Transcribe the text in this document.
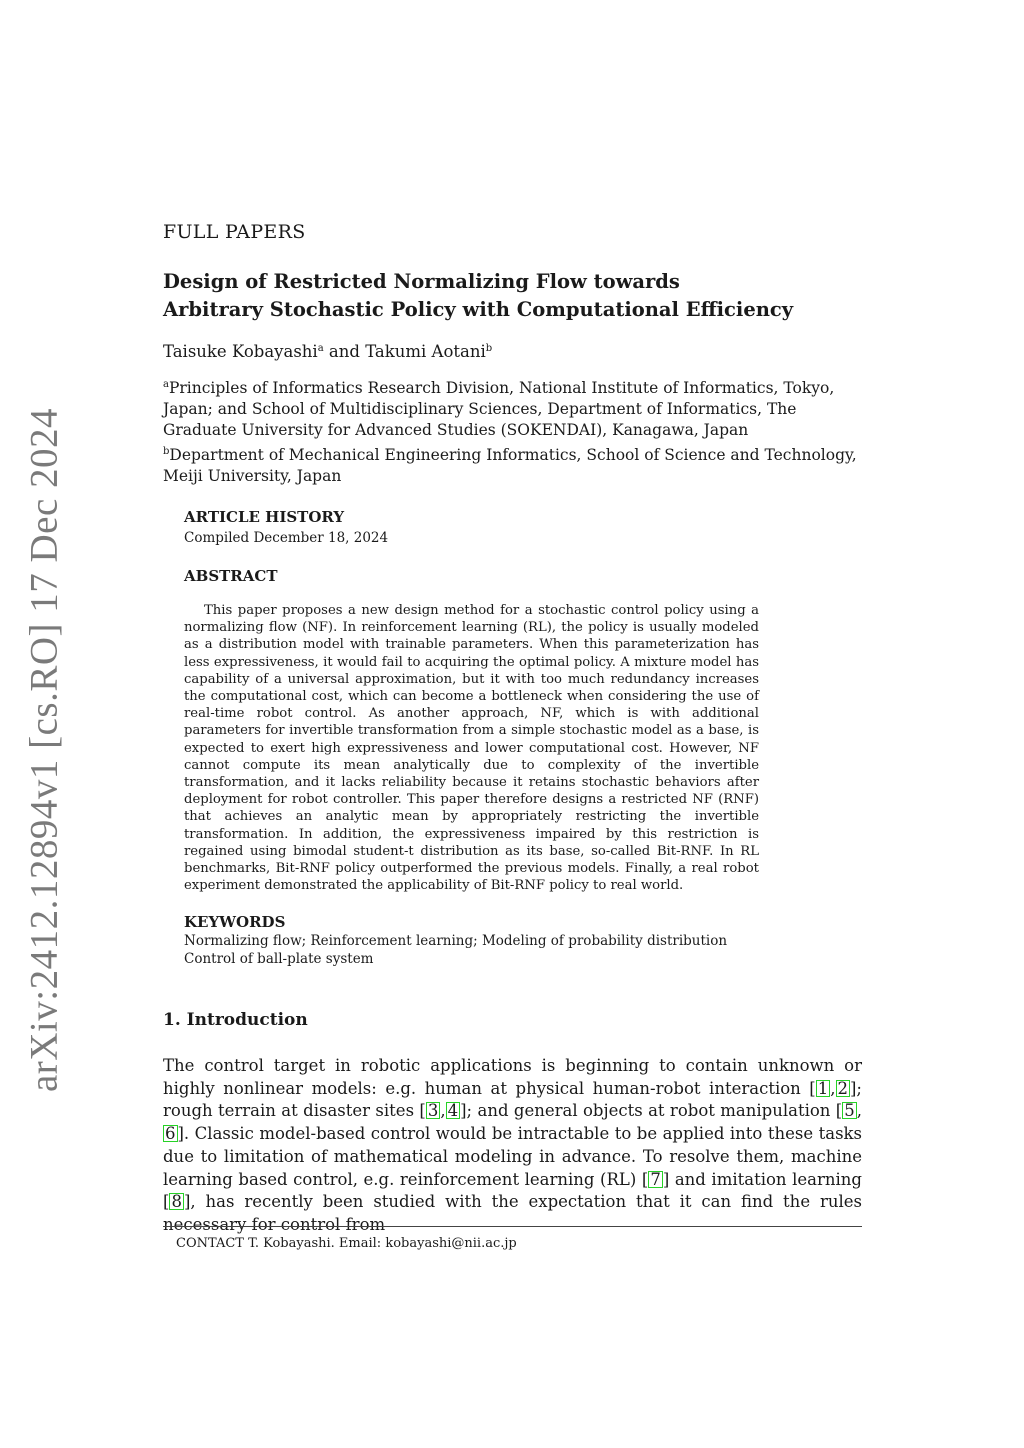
arXiv:2412.12894v1 [cs.RO] 17 Dec 2024
FULL PAPERS
Design of Restricted Normalizing Flow towards
Arbitrary Stochastic Policy with Computational Efficiency
Taisuke Kobayashi$^a$ and Takumi Aotani$^b$

$^a$Principles of Informatics Research Division, National Institute of Informatics, Tokyo, Japan; and School of Multidisciplinary Sciences, Department of Informatics, The Graduate University for Advanced Studies (SOKENDAI), Kanagawa, Japan

$^b$Department of Mechanical Engineering Informatics, School of Science and Technology, Meiji University, Japan

ARTICLE HISTORY
Compiled December 18, 2024
ABSTRACT

This paper proposes a new design method for a stochastic control policy using a normalizing flow (NF). In reinforcement learning (RL), the policy is usually modeled as a distribution model with trainable parameters. When this parameterization has less expressiveness, it would fail to acquiring the optimal policy. A mixture model has capability of a universal approximation, but it with too much redundancy increases the computational cost, which can become a bottleneck when considering the use of real-time robot control. As another approach, NF, which is with additional parameters for invertible transformation from a simple stochastic model as a base, is expected to exert high expressiveness and lower computational cost. However, NF cannot compute its mean analytically due to complexity of the invertible transformation, and it lacks reliability because it retains stochastic behaviors after deployment for robot controller. This paper therefore designs a restricted NF (RNF) that achieves an analytic mean by appropriately restricting the invertible transformation. In addition, the expressiveness impaired by this restriction is regained using bimodal student-t distribution as its base, so-called Bit-RNF. In RL benchmarks, Bit-RNF policy outperformed the previous models. Finally, a real robot experiment demonstrated the applicability of Bit-RNF policy to real world.

KEYWORDS
Normalizing flow; Reinforcement learning; Modeling of probability distribution
Control of ball-plate system
1. Introduction

The control target in robotic applications is beginning to contain unknown or highly nonlinear models: e.g. human at physical human-robot interaction [ 1 , 2 ]; rough terrain at disaster sites [ 3 , 4 ]; and general objects at robot manipulation [ 5 ,6 ]. Classic model-based control would be intractable to be applied into these tasks due to limitation of mathematical modeling in advance. To resolve them, machine learning based control, e.g. reinforcement learning (RL) [ 7 ] and imitation learning [ 8 ], has recently been studied with the expectation that it can find the rules necessary for control from

CONTACT T. Kobayashi. Email: kobayashi@nii.ac.jp
